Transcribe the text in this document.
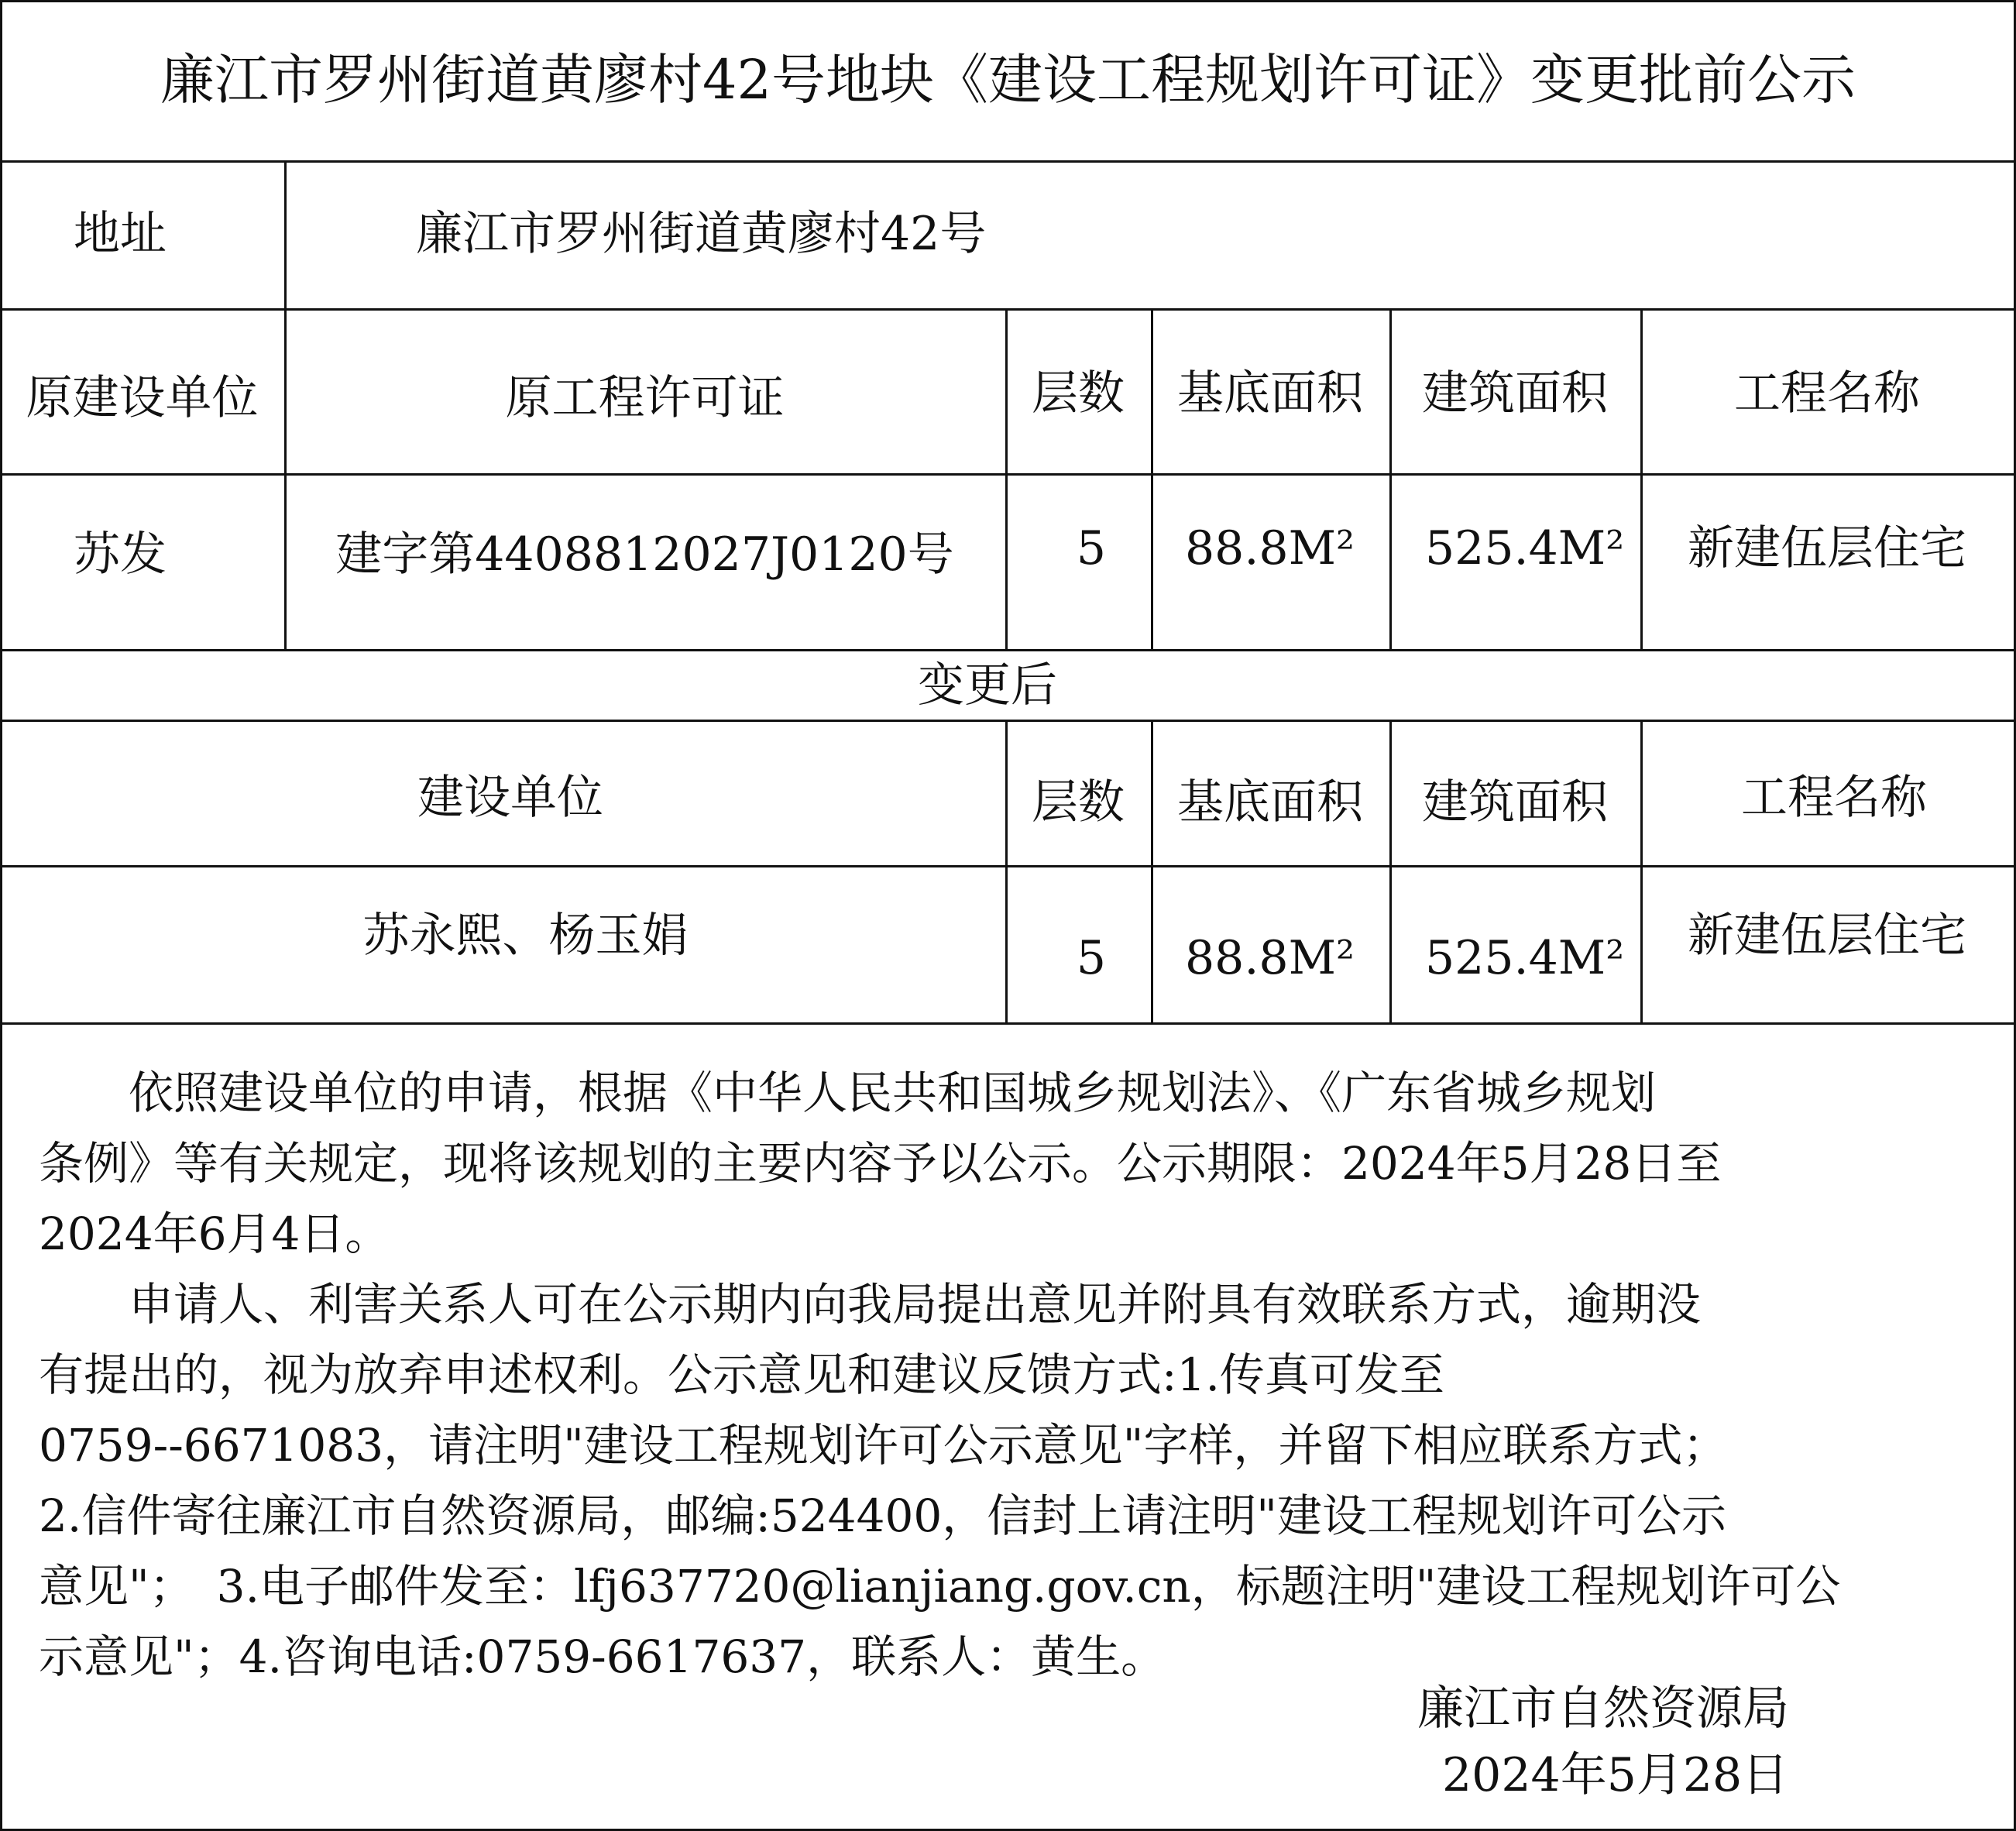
廉江市罗州街道黄廖村42号地块《建设工程规划许可证》变更批前公示
地址	廉江市罗州街道黄廖村42号
原建设单位	原工程许可证	层数	基底面积	建筑面积	工程名称
苏发	建字第4408812027J0120号	5	88.8M² 525.4M²	新建伍层住宅
变更后
建设单位	层数	基底面积	建筑面积	工程名称
苏永熙、杨玉娟	5	88.8M² 525.4M²	新建伍层住宅

　　依照建设单位的申请，根据《中华人民共和国城乡规划法》、《广东省城乡规划

条例》等有关规定，现将该规划的主要内容予以公示。公示期限：2024年5月28日至

2024年6月4日。

　　申请人、利害关系人可在公示期内向我局提出意见并附具有效联系方式，逾期没

有提出的，视为放弃申述权利。公示意见和建议反馈方式:1.传真可发至

0759--6671083，请注明"建设工程规划许可公示意见"字样，并留下相应联系方式；

2.信件寄往廉江市自然资源局，邮编:524400，信封上请注明"建设工程规划许可公示

意见"；　3.电子邮件发至：lfj637720@lianjiang.gov.cn，标题注明"建设工程规划许可公

示意见"；4.咨询电话:0759-6617637，联系人：黄生。

廉江市自然资源局
2024年5月28日
